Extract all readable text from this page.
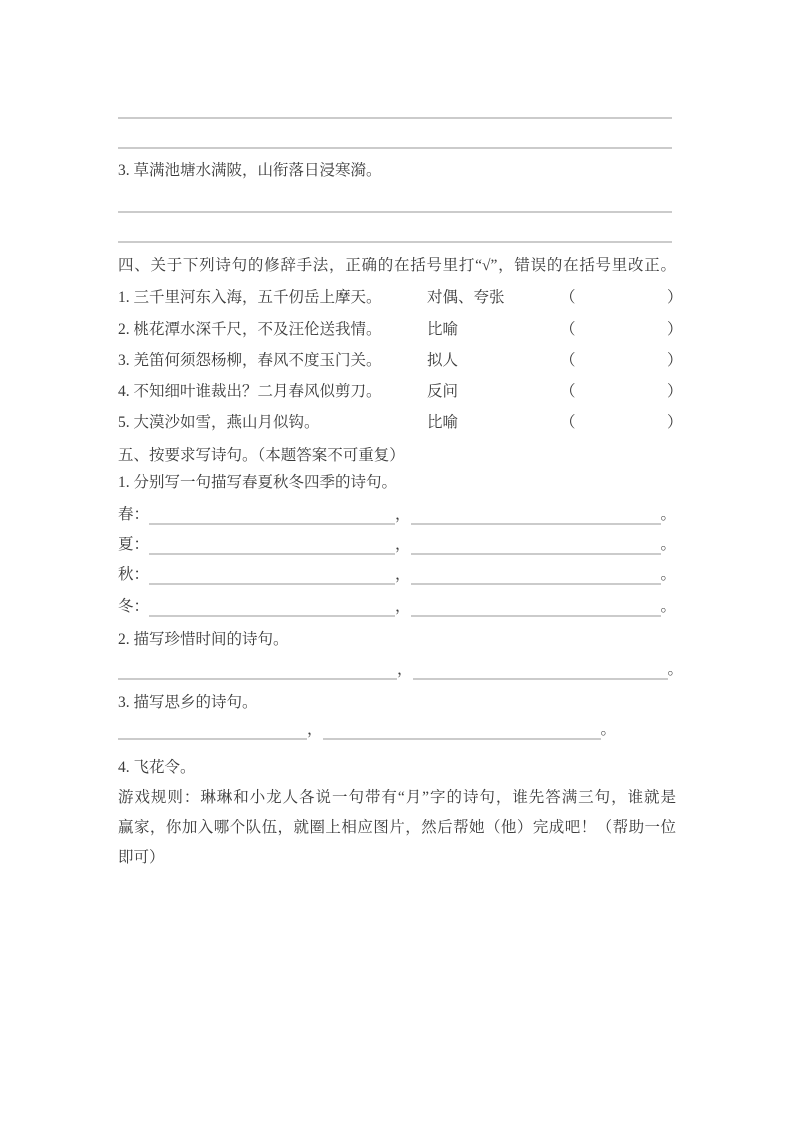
3. 草满池塘水满陂，山衔落日浸寒漪。
四、关于下列诗句的修辞手法，正确的在括号里打“√”，错误的在括号里改正。
1. 三千里河东入海，五千仞岳上摩天。	对偶、夸张	（	）
2. 桃花潭水深千尺，不及汪伦送我情。	比喻	（	）
3. 羌笛何须怨杨柳，春风不度玉门关。	拟人	（	）
4. 不知细叶谁裁出？二月春风似剪刀。	反问	（	）
5. 大漠沙如雪，燕山月似钩。	比喻	（	）
五、按要求写诗句。（本题答案不可重复）
1. 分别写一句描写春夏秋冬四季的诗句。
春：	，	。
夏：	，	。
秋：	，	。
冬：	，	。
2. 描写珍惜时间的诗句。
，	。
3. 描写思乡的诗句。
，	。
4. 飞花令。
游戏规则：琳琳和小龙人各说一句带有“月”字的诗句，谁先答满三句，谁就是
赢家，你加入哪个队伍，就圈上相应图片，然后帮她（他）完成吧！（帮助一位
即可）
